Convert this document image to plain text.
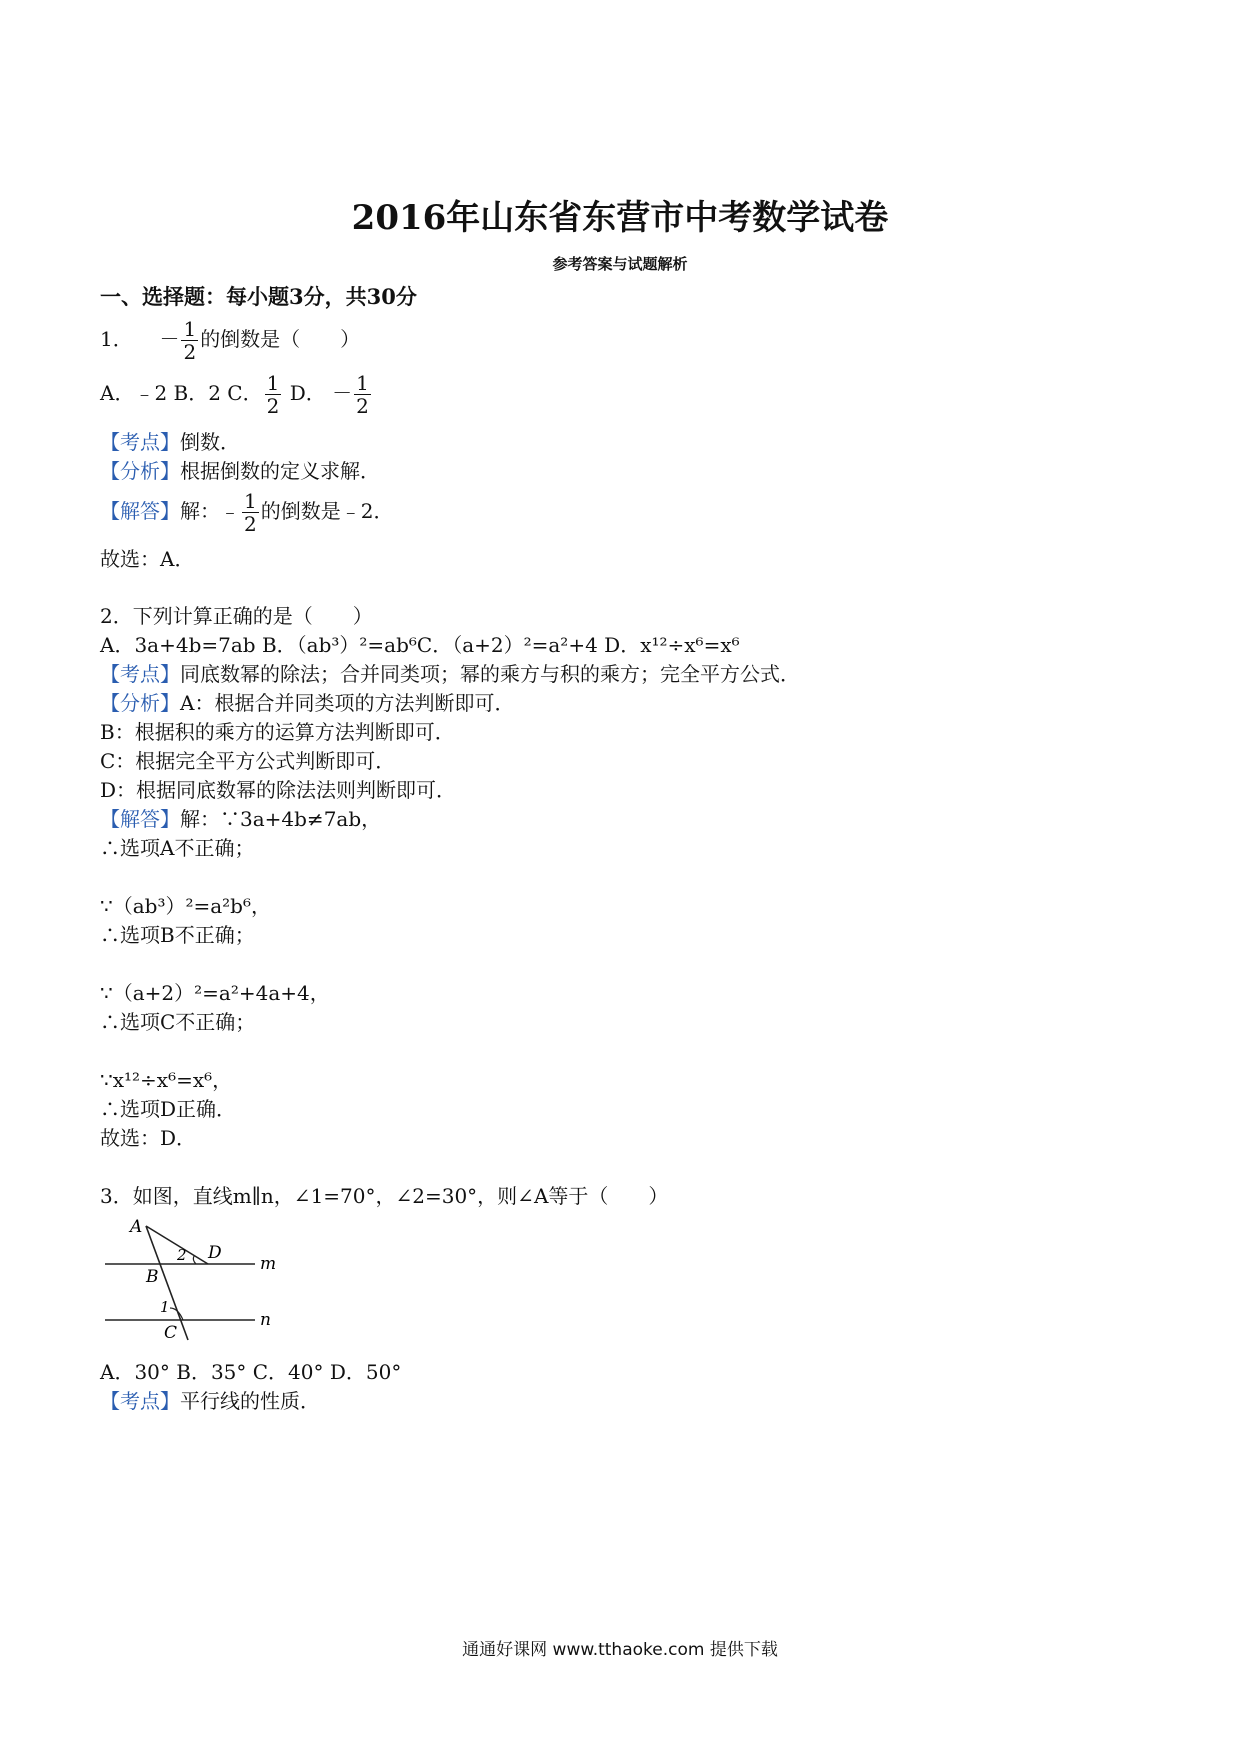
2016年山东省东营市中考数学试卷
参考答案与试题解析
一、选择题：每小题3分，共30分
1． － $\frac{1}{2}$ 的倒数是（　　）
A．﹣2 B．2 C． $\frac{1}{2}$ D． － $\frac{1}{2}$
【考点】倒数．
【分析】根据倒数的定义求解．
【解答】解：﹣ $\frac{1}{2}$ 的倒数是﹣2．
故选：A．
2．下列计算正确的是（　　）
A．3a+4b=7ab B．（ab³）²=ab⁶C．（a+2）²=a²+4 D．x¹²÷x⁶=x⁶
【考点】同底数幂的除法；合并同类项；幂的乘方与积的乘方；完全平方公式．
【分析】A：根据合并同类项的方法判断即可．
B：根据积的乘方的运算方法判断即可．
C：根据完全平方公式判断即可．
D：根据同底数幂的除法法则判断即可．
【解答】解：∵3a+4b≠7ab，
∴选项A不正确；
∵（ab³）²=a²b⁶，
∴选项B不正确；
∵（a+2）²=a²+4a+4，
∴选项C不正确；
∵x¹²÷x⁶=x⁶，
∴选项D正确．
故选：D．
3．如图，直线m∥n，∠1=70°，∠2=30°，则∠A等于（　　）
A
B
C
D
m
n
1
2
A．30° B．35° C．40° D．50°
【考点】平行线的性质．
通通好课网 www.tthaoke.com 提供下载
